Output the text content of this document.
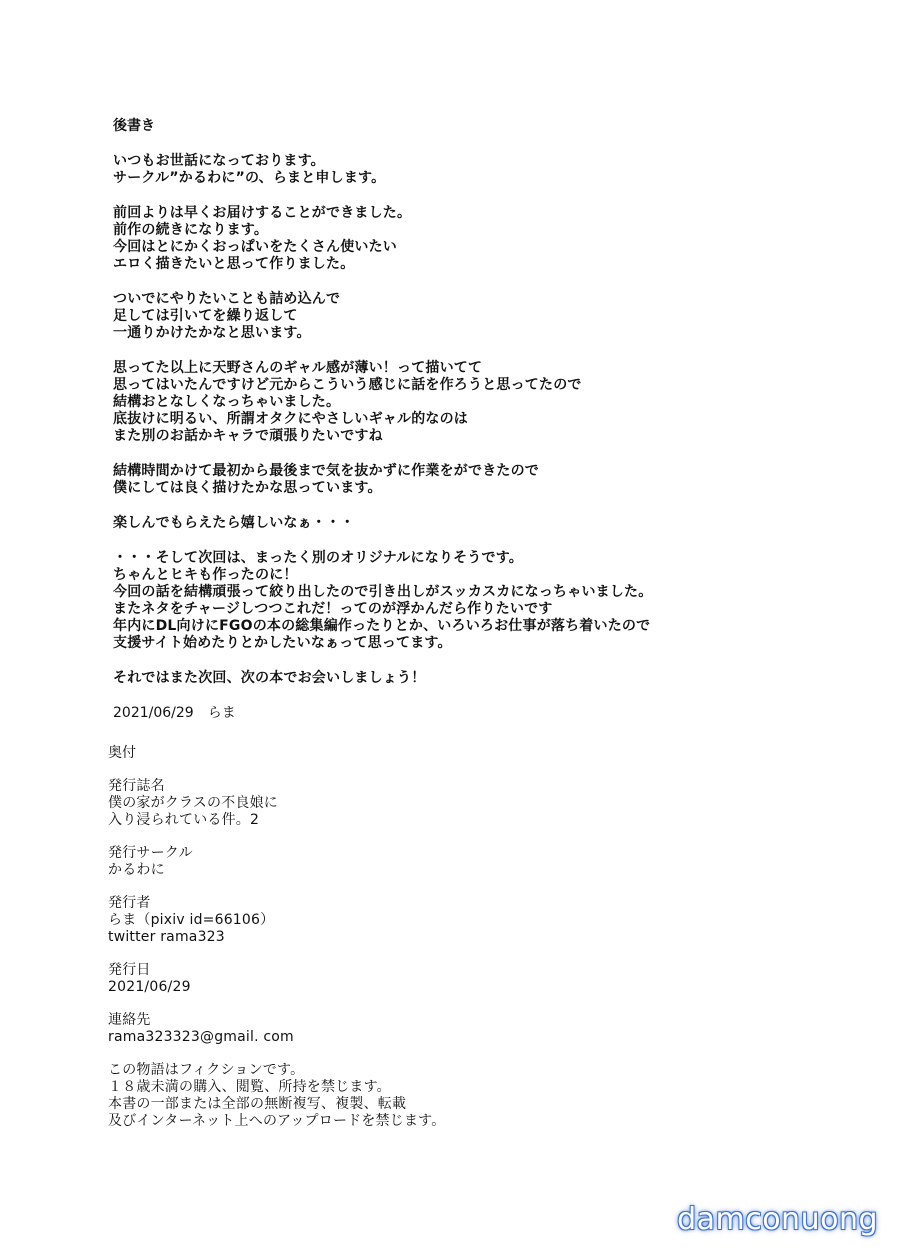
後書き
いつもお世話になっております。
サークル”かるわに”の、らまと申します。
前回よりは早くお届けすることができました。
前作の続きになります。
今回はとにかくおっぱいをたくさん使いたい
エロく描きたいと思って作りました。
ついでにやりたいことも詰め込んで
足しては引いてを繰り返して
一通りかけたかなと思います。
思ってた以上に天野さんのギャル感が薄い！って描いてて
思ってはいたんですけど元からこういう感じに話を作ろうと思ってたので
結構おとなしくなっちゃいました。
底抜けに明るい、所謂オタクにやさしいギャル的なのは
また別のお話かキャラで頑張りたいですね
結構時間かけて最初から最後まで気を抜かずに作業をができたので
僕にしては良く描けたかな思っています。
楽しんでもらえたら嬉しいなぁ・・・
・・・そして次回は、まったく別のオリジナルになりそうです。
ちゃんとヒキも作ったのに！
今回の話を結構頑張って絞り出したので引き出しがスッカスカになっちゃいました。
またネタをチャージしつつこれだ！ってのが浮かんだら作りたいです
年内にDL向けにFGOの本の総集編作ったりとか、いろいろお仕事が落ち着いたので
支援サイト始めたりとかしたいなぁって思ってます。
それではまた次回、次の本でお会いしましょう！
2021/06/29　らま
奥付
発行誌名
僕の家がクラスの不良娘に
入り浸られている件。2
発行サークル
かるわに
発行者
らま（pixiv id=66106）
twitter rama323
発行日
2021/06/29
連絡先
rama323323@gmail. com
この物語はフィクションです。
１８歳未満の購入、閲覧、所持を禁じます。
本書の一部または全部の無断複写、複製、転載
及びインターネット上へのアップロードを禁じます。
damconuong
